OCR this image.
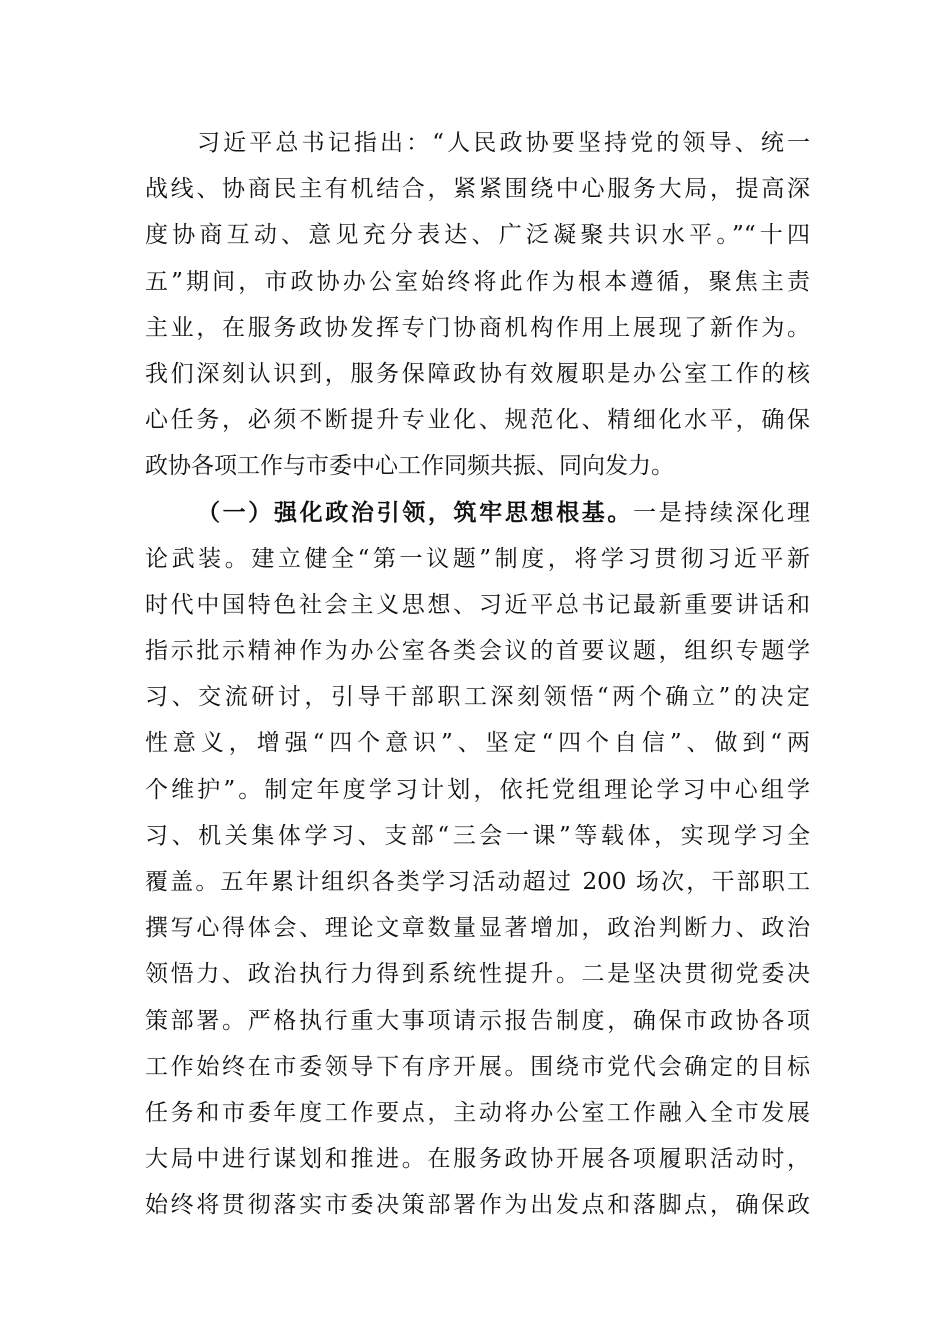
习近平总书记指出：“人民政协要坚持党的领导、统一
战线、协商民主有机结合，紧紧围绕中心服务大局，提高深
度协商互动、意见充分表达、广泛凝聚共识水平。”“十四
五”期间，市政协办公室始终将此作为根本遵循，聚焦主责
主业，在服务政协发挥专门协商机构作用上展现了新作为。
我们深刻认识到，服务保障政协有效履职是办公室工作的核
心任务，必须不断提升专业化、规范化、精细化水平，确保
政协各项工作与市委中心工作同频共振、同向发力。
（一）强化政治引领，筑牢思想根基。一是持续深化理
论武装。建立健全“第一议题”制度，将学习贯彻习近平新
时代中国特色社会主义思想、习近平总书记最新重要讲话和
指示批示精神作为办公室各类会议的首要议题，组织专题学
习、交流研讨，引导干部职工深刻领悟“两个确立”的决定
性意义，增强“四个意识”、坚定“四个自信”、做到“两
个维护”。制定年度学习计划，依托党组理论学习中心组学
习、机关集体学习、支部“三会一课”等载体，实现学习全
覆盖。五年累计组织各类学习活动超过 200 场次，干部职工
撰写心得体会、理论文章数量显著增加，政治判断力、政治
领悟力、政治执行力得到系统性提升。二是坚决贯彻党委决
策部署。严格执行重大事项请示报告制度，确保市政协各项
工作始终在市委领导下有序开展。围绕市党代会确定的目标
任务和市委年度工作要点，主动将办公室工作融入全市发展
大局中进行谋划和推进。在服务政协开展各项履职活动时，
始终将贯彻落实市委决策部署作为出发点和落脚点，确保政
